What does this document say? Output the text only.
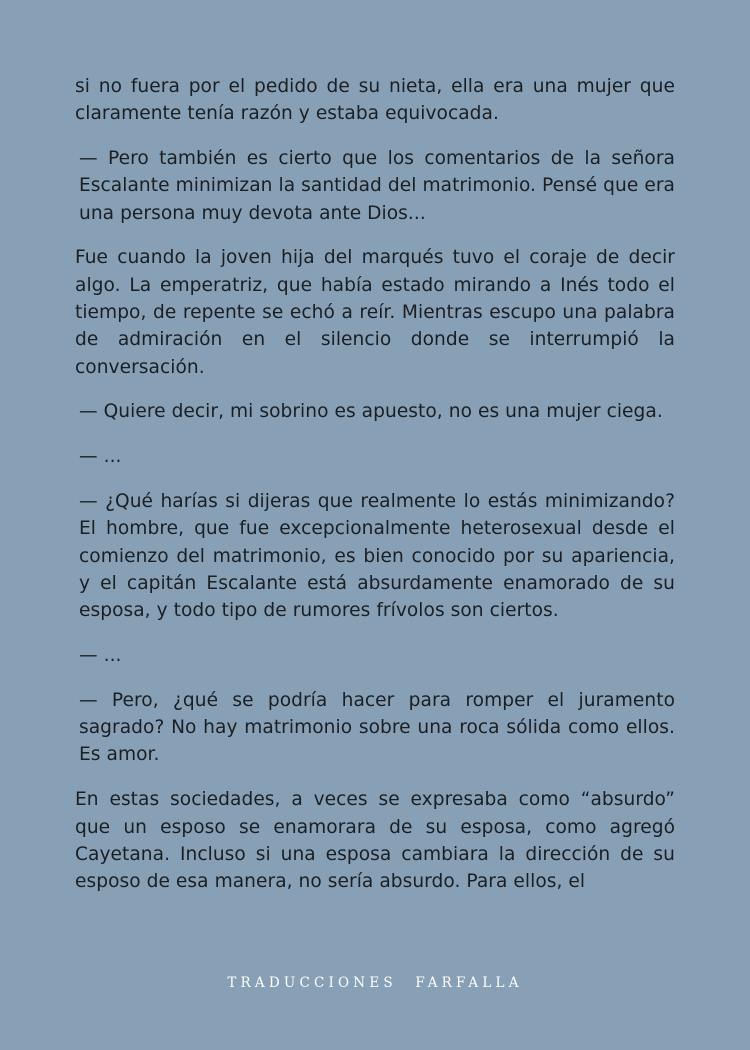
si no fuera por el pedido de su nieta, ella era una mujer que claramente tenía razón y estaba equivocada.

— Pero también es cierto que los comentarios de la señora Escalante minimizan la santidad del matrimonio. Pensé que era una persona muy devota ante Dios...

Fue cuando la joven hija del marqués tuvo el coraje de decir algo. La emperatriz, que había estado mirando a Inés todo el tiempo, de repente se echó a reír. Mientras escupo una palabra de admiración en el silencio donde se interrumpió la conversación.

— Quiere decir, mi sobrino es apuesto, no es una mujer ciega.

— ...

— ¿Qué harías si dijeras que realmente lo estás minimizando? El hombre, que fue excepcionalmente heterosexual desde el comienzo del matrimonio, es bien conocido por su apariencia, y el capitán Escalante está absurdamente enamorado de su esposa, y todo tipo de rumores frívolos son ciertos.

— ...

— Pero, ¿qué se podría hacer para romper el juramento sagrado? No hay matrimonio sobre una roca sólida como ellos. Es amor.

En estas sociedades, a veces se expresaba como “absurdo” que un esposo se enamorara de su esposa, como agregó Cayetana. Incluso si una esposa cambiara la dirección de su esposo de esa manera, no sería absurdo. Para ellos, el

TRADUCCIONES FARFALLA
